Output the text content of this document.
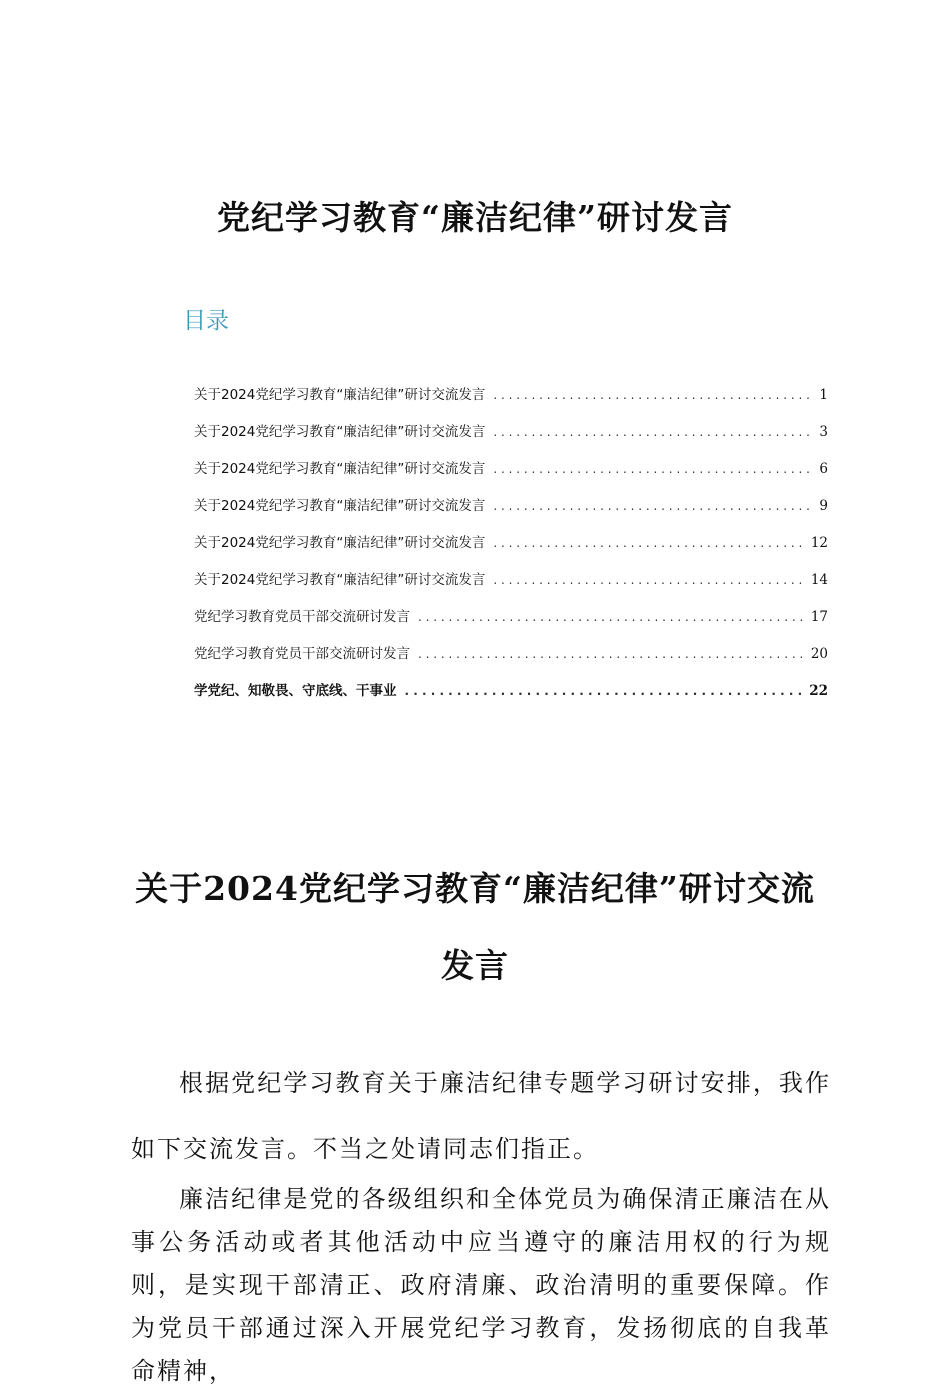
党纪学习教育“廉洁纪律”研讨发言
目录
关于2024党纪学习教育“廉洁纪律”研讨交流发言 . . .	1
关于2024党纪学习教育“廉洁纪律”研讨交流发言 . . .	3
关于2024党纪学习教育“廉洁纪律”研讨交流发言 . . .	6
关于2024党纪学习教育“廉洁纪律”研讨交流发言 . . .	9
关于2024党纪学习教育“廉洁纪律”研讨交流发言 . . .	12
关于2024党纪学习教育“廉洁纪律”研讨交流发言 . . .	14
党纪学习教育党员干部交流研讨发言 . . .	17
党纪学习教育党员干部交流研讨发言 . . .	20
学党纪、知敬畏、守底线、干事业 . . .	22
关于2024党纪学习教育“廉洁纪律”研讨交流
发言

根据党纪学习教育关于廉洁纪律专题学习研讨安排，我作如下交流发言。不当之处请同志们指正。

廉洁纪律是党的各级组织和全体党员为确保清正廉洁在从事公务活动或者其他活动中应当遵守的廉洁用权的行为规则，是实现干部清正、政府清廉、政治清明的重要保障。作为党员干部通过深入开展党纪学习教育，发扬彻底的自我革命精神，
